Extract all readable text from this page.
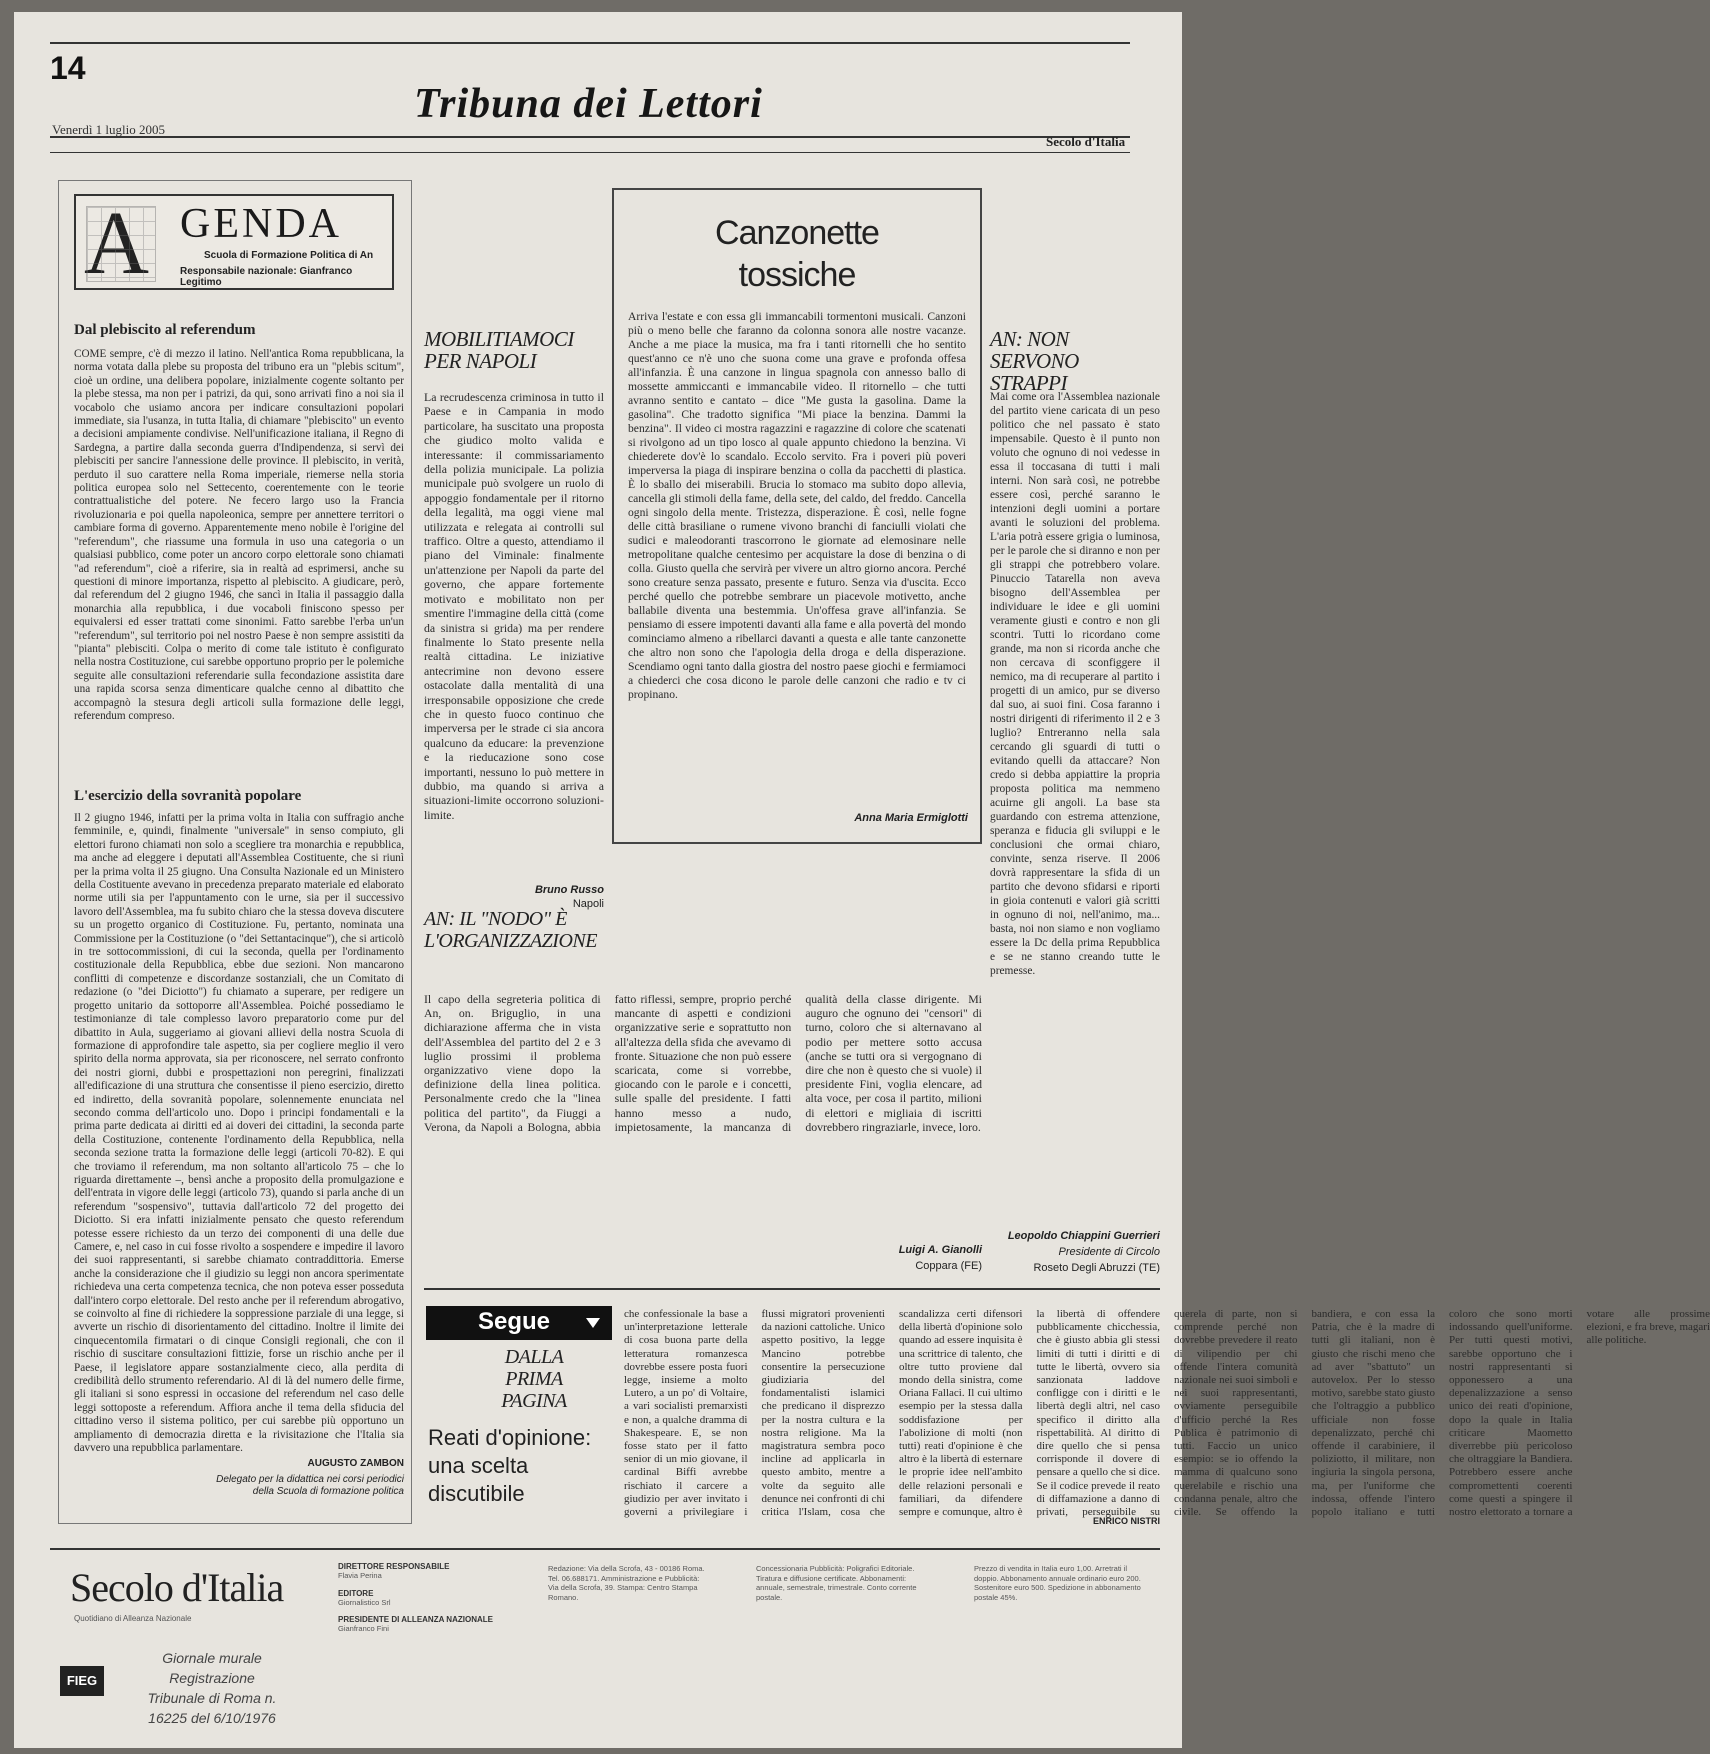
14
Tribuna dei Lettori
Venerdì 1 luglio 2005
Secolo d'Italia
A GENDA
Scuola di Formazione Politica di An
Responsabile nazionale: Gianfranco Legitimo
Dal plebiscito al referendum
COME sempre, c'è di mezzo il latino. Nell'antica Roma repubblicana, la norma votata dalla plebe su proposta del tribuno era un "plebis scitum", cioè un ordine, una delibera popolare, inizialmente cogente soltanto per la plebe stessa, ma non per i patrizi, da qui, sono arrivati fino a noi sia il vocabolo che usiamo ancora per indicare consultazioni popolari immediate, sia l'usanza, in tutta Italia, di chiamare "plebiscito" un evento a decisioni ampiamente condivise. Nell'unificazione italiana, il Regno di Sardegna, a partire dalla seconda guerra d'Indipendenza, si servì dei plebisciti per sancire l'annessione delle province. Il plebiscito, in verità, perduto il suo carattere nella Roma imperiale, riemerse nella storia politica europea solo nel Settecento, coerentemente con le teorie contrattualistiche del potere. Ne fecero largo uso la Francia rivoluzionaria e poi quella napoleonica, sempre per annettere territori o cambiare forma di governo. Apparentemente meno nobile è l'origine del "referendum", che riassume una formula in uso una categoria o un qualsiasi pubblico, come poter un ancoro corpo elettorale sono chiamati "ad referendum", cioè a riferire, sia in realtà ad esprimersi, anche su questioni di minore importanza, rispetto al plebiscito. A giudicare, però, dal referendum del 2 giugno 1946, che sancì in Italia il passaggio dalla monarchia alla repubblica, i due vocaboli finiscono spesso per equivalersi ed esser trattati come sinonimi. Fatto sarebbe l'erba un'un "referendum", sul territorio poi nel nostro Paese è non sempre assistiti da "pianta" plebisciti. Colpa o merito di come tale istituto è configurato nella nostra Costituzione, cui sarebbe opportuno proprio per le polemiche seguite alle consultazioni referendarie sulla fecondazione assistita dare una rapida scorsa senza dimenticare qualche cenno al dibattito che accompagnò la stesura degli articoli sulla formazione delle leggi, referendum compreso.
L'esercizio della sovranità popolare
Il 2 giugno 1946, infatti per la prima volta in Italia con suffragio anche femminile, e, quindi, finalmente "universale" in senso compiuto, gli elettori furono chiamati non solo a scegliere tra monarchia e repubblica, ma anche ad eleggere i deputati all'Assemblea Costituente, che si riunì per la prima volta il 25 giugno. Una Consulta Nazionale ed un Ministero della Costituente avevano in precedenza preparato materiale ed elaborato norme utili sia per l'appuntamento con le urne, sia per il successivo lavoro dell'Assemblea, ma fu subito chiaro che la stessa doveva discutere su un progetto organico di Costituzione. Fu, pertanto, nominata una Commissione per la Costituzione (o "dei Settantacinque"), che si articolò in tre sottocommissioni, di cui la seconda, quella per l'ordinamento costituzionale della Repubblica, ebbe due sezioni. Non mancarono conflitti di competenze e discordanze sostanziali, che un Comitato di redazione (o "dei Diciotto") fu chiamato a superare, per redigere un progetto unitario da sottoporre all'Assemblea. Poiché possediamo le testimonianze di tale complesso lavoro preparatorio come pur del dibattito in Aula, suggeriamo ai giovani allievi della nostra Scuola di formazione di approfondire tale aspetto, sia per cogliere meglio il vero spirito della norma approvata, sia per riconoscere, nel serrato confronto dei nostri giorni, dubbi e prospettazioni non peregrini, finalizzati all'edificazione di una struttura che consentisse il pieno esercizio, diretto ed indiretto, della sovranità popolare, solennemente enunciata nel secondo comma dell'articolo uno. Dopo i principi fondamentali e la prima parte dedicata ai diritti ed ai doveri dei cittadini, la seconda parte della Costituzione, contenente l'ordinamento della Repubblica, nella seconda sezione tratta la formazione delle leggi (articoli 70-82). E qui che troviamo il referendum, ma non soltanto all'articolo 75 – che lo riguarda direttamente –, bensì anche a proposito della promulgazione e dell'entrata in vigore delle leggi (articolo 73), quando si parla anche di un referendum "sospensivo", tuttavia dall'articolo 72 del progetto dei Diciotto. Si era infatti inizialmente pensato che questo referendum potesse essere richiesto da un terzo dei componenti di una delle due Camere, e, nel caso in cui fosse rivolto a sospendere e impedire il lavoro dei suoi rappresentanti, si sarebbe chiamato contraddittoria. Emerse anche la considerazione che il giudizio su leggi non ancora sperimentate richiedeva una certa competenza tecnica, che non poteva esser posseduta dall'intero corpo elettorale. Del resto anche per il referendum abrogativo, se coinvolto al fine di richiedere la soppressione parziale di una legge, si avverte un rischio di disorientamento del cittadino. Inoltre il limite dei cinquecentomila firmatari o di cinque Consigli regionali, che con il rischio di suscitare consultazioni fittizie, forse un rischio anche per il Paese, il legislatore appare sostanzialmente cieco, alla perdita di credibilità dello strumento referendario. Al di là del numero delle firme, gli italiani si sono espressi in occasione del referendum nel caso delle leggi sottoposte a referendum. Affiora anche il tema della sfiducia del cittadino verso il sistema politico, per cui sarebbe più opportuno un ampliamento di democrazia diretta e la rivisitazione che l'Italia sia davvero una repubblica parlamentare.
AUGUSTO ZAMBON
Delegato per la didattica nei corsi periodici della Scuola di formazione politica
MOBILITIAMOCI PER NAPOLI
La recrudescenza criminosa in tutto il Paese e in Campania in modo particolare, ha suscitato una proposta che giudico molto valida e interessante: il commissariamento della polizia municipale. La polizia municipale può svolgere un ruolo di appoggio fondamentale per il ritorno della legalità, ma oggi viene mal utilizzata e relegata ai controlli sul traffico. Oltre a questo, attendiamo il piano del Viminale: finalmente un'attenzione per Napoli da parte del governo, che appare fortemente motivato e mobilitato non per smentire l'immagine della città (come da sinistra si grida) ma per rendere finalmente lo Stato presente nella realtà cittadina. Le iniziative antecrimine non devono essere ostacolate dalla mentalità di una irresponsabile opposizione che crede che in questo fuoco continuo che imperversa per le strade ci sia ancora qualcuno da educare: la prevenzione e la rieducazione sono cose importanti, nessuno lo può mettere in dubbio, ma quando si arriva a situazioni-limite occorrono soluzioni-limite.
Bruno Russo
Napoli
Canzonette
tossiche
Arriva l'estate e con essa gli immancabili tormentoni musicali. Canzoni più o meno belle che faranno da colonna sonora alle nostre vacanze. Anche a me piace la musica, ma fra i tanti ritornelli che ho sentito quest'anno ce n'è uno che suona come una grave e profonda offesa all'infanzia. È una canzone in lingua spagnola con annesso ballo di mossette ammiccanti e immancabile video. Il ritornello – che tutti avranno sentito e cantato – dice "Me gusta la gasolina. Dame la gasolina". Che tradotto significa "Mi piace la benzina. Dammi la benzina". Il video ci mostra ragazzini e ragazzine di colore che scatenati si rivolgono ad un tipo losco al quale appunto chiedono la benzina. Vi chiederete dov'è lo scandalo. Eccolo servito. Fra i poveri più poveri imperversa la piaga di inspirare benzina o colla da pacchetti di plastica. È lo sballo dei miserabili. Brucia lo stomaco ma subito dopo allevia, cancella gli stimoli della fame, della sete, del caldo, del freddo. Cancella ogni singolo della mente. Tristezza, disperazione. È così, nelle fogne delle città brasiliane o rumene vivono branchi di fanciulli violati che sudici e maleodoranti trascorrono le giornate ad elemosinare nelle metropolitane qualche centesimo per acquistare la dose di benzina o di colla. Giusto quella che servirà per vivere un altro giorno ancora. Perché sono creature senza passato, presente e futuro. Senza via d'uscita. Ecco perché quello che potrebbe sembrare un piacevole motivetto, anche ballabile diventa una bestemmia. Un'offesa grave all'infanzia. Se pensiamo di essere impotenti davanti alla fame e alla povertà del mondo cominciamo almeno a ribellarci davanti a questa e alle tante canzonette che altro non sono che l'apologia della droga e della disperazione. Scendiamo ogni tanto dalla giostra del nostro paese giochi e fermiamoci a chiederci che cosa dicono le parole delle canzoni che radio e tv ci propinano.
Anna Maria Ermiglotti
AN: NON SERVONO STRAPPI
Mai come ora l'Assemblea nazionale del partito viene caricata di un peso politico che nel passato è stato impensabile. Questo è il punto non voluto che ognuno di noi vedesse in essa il toccasana di tutti i mali interni. Non sarà così, ne potrebbe essere così, perché saranno le intenzioni degli uomini a portare avanti le soluzioni del problema. L'aria potrà essere grigia o luminosa, per le parole che si diranno e non per gli strappi che potrebbero volare. Pinuccio Tatarella non aveva bisogno dell'Assemblea per individuare le idee e gli uomini veramente giusti e contro e non gli scontri. Tutti lo ricordano come grande, ma non si ricorda anche che non cercava di sconfiggere il nemico, ma di recuperare al partito i progetti di un amico, pur se diverso dal suo, ai suoi fini. Cosa faranno i nostri dirigenti di riferimento il 2 e 3 luglio? Entreranno nella sala cercando gli sguardi di tutti o evitando quelli da attaccare? Non credo si debba appiattire la propria proposta politica ma nemmeno acuirne gli angoli. La base sta guardando con estrema attenzione, speranza e fiducia gli sviluppi e le conclusioni che ormai chiaro, convinte, senza riserve. Il 2006 dovrà rappresentare la sfida di un partito che devono sfidarsi e riporti in gioia contenuti e valori già scritti in ognuno di noi, nell'animo, ma... basta, noi non siamo e non vogliamo essere la Dc della prima Repubblica e se ne stanno creando tutte le premesse.
Leopoldo Chiappini Guerrieri
Presidente di Circolo
Roseto Degli Abruzzi (TE)
AN: IL "NODO" È L'ORGANIZZAZIONE
Il capo della segreteria politica di An, on. Briguglio, in una dichiarazione afferma che in vista dell'Assemblea del partito del 2 e 3 luglio prossimi il problema organizzativo viene dopo la definizione della linea politica. Personalmente credo che la "linea politica del partito", da Fiuggi a Verona, da Napoli a Bologna, abbia fatto riflessi, sempre, proprio perché mancante di aspetti e condizioni organizzative serie e soprattutto non all'altezza della sfida che avevamo di fronte. Situazione che non può essere scaricata, come si vorrebbe, giocando con le parole e i concetti, sulle spalle del presidente. I fatti hanno messo a nudo, impietosamente, la mancanza di qualità della classe dirigente. Mi auguro che ognuno dei "censori" di turno, coloro che si alternavano al podio per mettere sotto accusa (anche se tutti ora si vergognano di dire che non è questo che si vuole) il presidente Fini, voglia elencare, ad alta voce, per cosa il partito, milioni di elettori e migliaia di iscritti dovrebbero ringraziarle, invece, loro.
Luigi A. Gianolli
Coppara (FE)
Segue
DALLA PRIMA PAGINA
Reati d'opinione: una scelta discutibile
che confessionale la base a un'interpretazione letterale di cosa buona parte della letteratura romanzesca dovrebbe essere posta fuori legge, insieme a molto Lutero, a un po' di Voltaire, a vari socialisti premarxisti e non, a qualche dramma di Shakespeare. E, se non fosse stato per il fatto senior di un mio giovane, il cardinal Biffi avrebbe rischiato il carcere a giudizio per aver invitato i governi a privilegiare i flussi migratori provenienti da nazioni cattoliche. Unico aspetto positivo, la legge Mancino potrebbe consentire la persecuzione giudiziaria del fondamentalisti islamici che predicano il disprezzo per la nostra cultura e la nostra religione. Ma la magistratura sembra poco incline ad applicarla in questo ambito, mentre a volte da seguito alle denunce nei confronti di chi critica l'Islam, cosa che scandalizza certi difensori della libertà d'opinione solo quando ad essere inquisita è una scrittrice di talento, che oltre tutto proviene dal mondo della sinistra, come Oriana Fallaci. Il cui ultimo esempio per la stessa dalla soddisfazione per l'abolizione di molti (non tutti) reati d'opinione è che altro è la libertà di esternare le proprie idee nell'ambito delle relazioni personali e familiari, da difendere sempre e comunque, altro è la libertà di offendere pubblicamente chicchessia, che è giusto abbia gli stessi limiti di tutti i diritti e di tutte le libertà, ovvero sia sanzionata laddove confligge con i diritti e le libertà degli altri, nel caso specifico il diritto alla rispettabilità. Al diritto di dire quello che si pensa corrisponde il dovere di pensare a quello che si dice. Se il codice prevede il reato di diffamazione a danno di privati, perseguibile su querela di parte, non si comprende perché non dovrebbe prevedere il reato di vilipendio per chi offende l'intera comunità nazionale nei suoi simboli e nei suoi rappresentanti, ovviamente perseguibile d'ufficio perché la Res Publica è patrimonio di tutti. Faccio un unico esempio: se io offendo la mamma di qualcuno sono querelabile e rischio una condanna penale, altro che civile. Se offendo la bandiera, e con essa la Patria, che è la madre di tutti gli italiani, non è giusto che rischi meno che ad aver "sbattuto" un autovelox. Per lo stesso motivo, sarebbe stato giusto che l'oltraggio a pubblico ufficiale non fosse depenalizzato, perché chi offende il carabiniere, il poliziotto, il militare, non ingiuria la singola persona, ma, per l'uniforme che indossa, offende l'intero popolo italiano e tutti coloro che sono morti indossando quell'uniforme. Per tutti questi motivi, sarebbe opportuno che i nostri rappresentanti si opponessero a una depenalizzazione a senso unico dei reati d'opinione, dopo la quale in Italia criticare Maometto diverrebbe più pericoloso che oltraggiare la Bandiera. Potrebbero essere anche compromettenti coerenti come questi a spingere il nostro elettorato a tornare a votare alle prossime elezioni, e fra breve, magari alle politiche.
ENRICO NISTRI
Secolo d'Italia
Quotidiano di Alleanza Nazionale
FIEG
Giornale murale Registrazione Tribunale di Roma n. 16225 del 6/10/1976
DIRETTORE RESPONSABILE
Flavia Perina
EDITORE
Giornalistico Srl
PRESIDENTE DI ALLEANZA NAZIONALE
Gianfranco Fini
Redazione: Via della Scrofa, 43 - 00186 Roma. Tel. 06.688171. Amministrazione e Pubblicità: Via della Scrofa, 39. Stampa: Centro Stampa Romano.
Concessionaria Pubblicità: Poligrafici Editoriale. Tiratura e diffusione certificate. Abbonamenti: annuale, semestrale, trimestrale. Conto corrente postale.
Prezzo di vendita in Italia euro 1,00. Arretrati il doppio. Abbonamento annuale ordinario euro 200. Sostenitore euro 500. Spedizione in abbonamento postale 45%.
